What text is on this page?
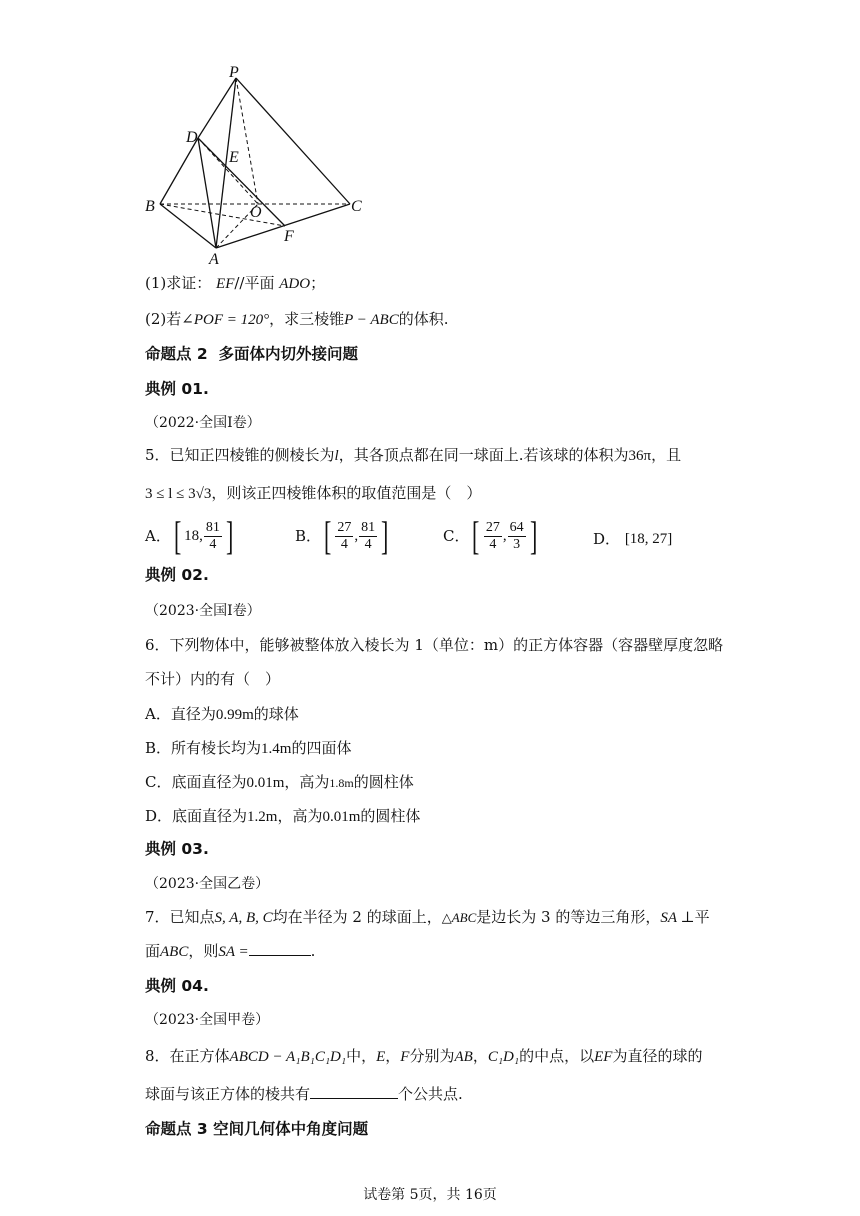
P
D
E
B	O	C
F
A
(1)求证： EF//平面 ADO；
(2)若∠POF = 120°，求三棱锥P − ABC的体积.
命题点 2 多面体内切外接问题
典例 01.
（2022·全国Ⅰ卷）
5．已知正四棱锥的侧棱长为l，其各顶点都在同一球面上.若该球的体积为36π，且
3 ≤ l ≤ 3√3，则该正四棱锥体积的取值范围是（　）
A． [ 18 , $\frac{81}{4}$ ]	B． [ $\frac{27}{4}$ , $\frac{81}{4}$ ]	C． [ $\frac{27}{4}$ , $\frac{64}{3}$ ]	D．
[18, 27]
典例 02.
（2023·全国Ⅰ卷）
6．下列物体中，能够被整体放入棱长为 1（单位：m）的正方体容器（容器壁厚度忽略
不计）内的有（　）
A．直径为0.99m的球体
B．所有棱长均为1.4m的四面体
C．底面直径为0.01m，高为1.8m的圆柱体
D．底面直径为1.2m，高为0.01m的圆柱体
典例 03.
（2023·全国乙卷）
7．已知点S, A, B, C均在半径为 2 的球面上，△ABC是边长为 3 的等边三角形，SA ⊥平
面ABC，则SA =	.
典例 04.
（2023·全国甲卷）
8．在正方体ABCD − A₁B₁C₁D₁中，E，F分别为AB，C₁D₁的中点，以EF为直径的球的
球面与该正方体的棱共有	个公共点.
命题点 3 空间几何体中角度问题
试卷第 5页，共 16页
